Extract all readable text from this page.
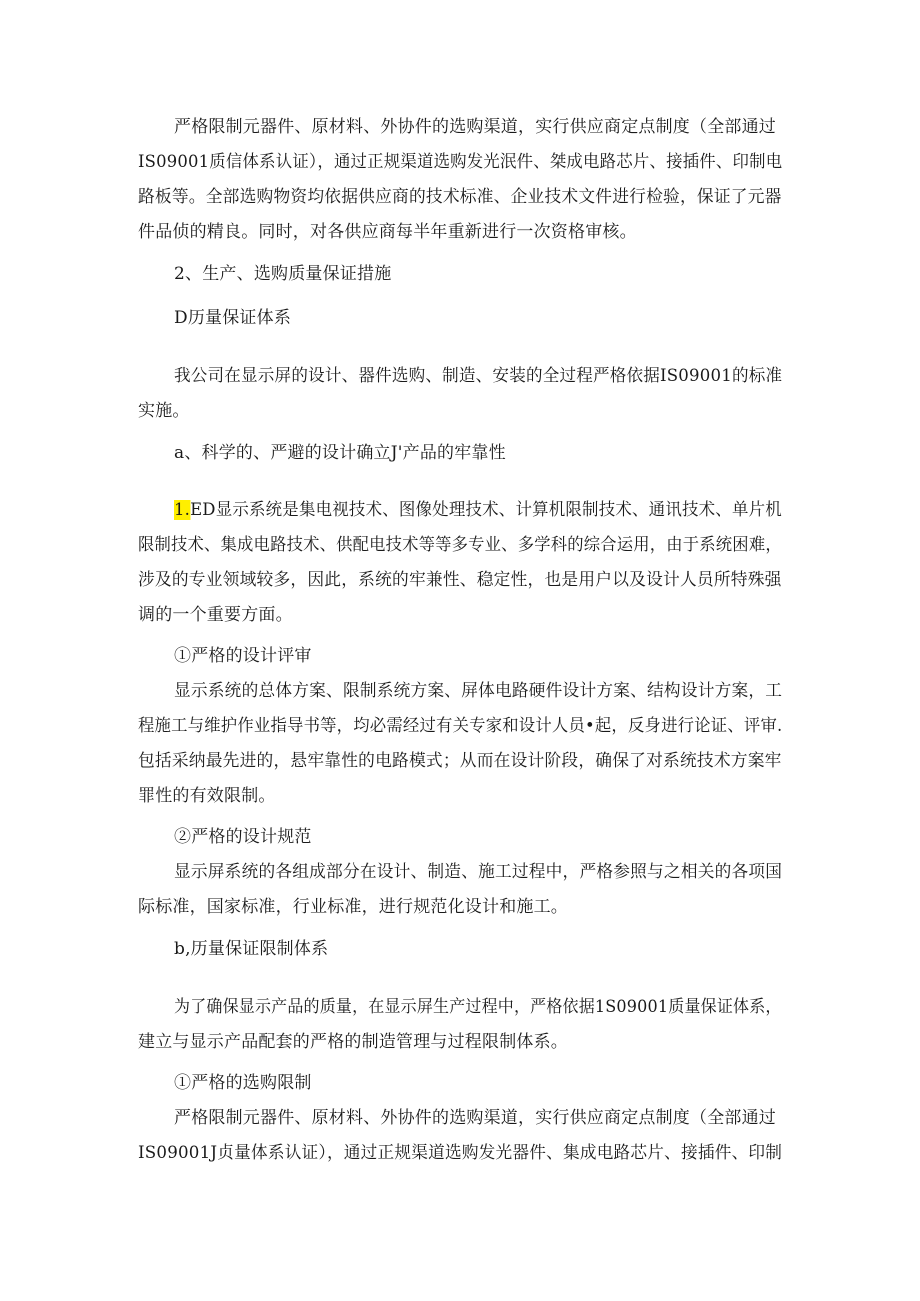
严格限制元器件、原材料、外协件的选购渠道，实行供应商定点制度（全部通过

IS09001质信体系认证），通过正规渠道选购发光泯件、桀成电路芯片、接插件、印制电

路板等。全部选购物资均依据供应商的技术标准、企业技术文件进行检验，保证了元器

件品侦的精良。同时，对各供应商每半年重新进行一次资格审核。

2、生产、选购质量保证措施

D历量保证体系

我公司在显示屏的设计、器件选购、制造、安装的全过程严格依据IS09001的标准

实施。

a、科学的、严避的设计确立J'产品的牢靠性

1.ED显示系统是集电视技术、图像处理技术、计算机限制技术、通讯技术、单片机

限制技术、集成电路技术、供配电技术等等多专业、多学科的综合运用，由于系统困难，

涉及的专业领域较多，因此，系统的牢兼性、稳定性，也是用户以及设计人员所特殊强

调的一个重要方面。

①严格的设计评审

显示系统的总体方案、限制系统方案、屏体电路硬件设计方案、结构设计方案，工

程施工与维护作业指导书等，均必需经过有关专家和设计人员•起，反身进行论证、评审.

包括采纳最先进的，悬牢靠性的电路模式；从而在设计阶段，确保了对系统技术方案牢

罪性的有效限制。

②严格的设计规范

显示屏系统的各组成部分在设计、制造、施工过程中，严格参照与之相关的各项国

际标准，国家标准，行业标准，进行规范化设计和施工。

b,历量保证限制体系

为了确保显示产品的质量，在显示屏生产过程中，严格依据1S09001质量保证体系，

建立与显示产品配套的严格的制造管理与过程限制体系。

①严格的选购限制

严格限制元器件、原材料、外协件的选购渠道，实行供应商定点制度（全部通过

IS09001J贞量体系认证），通过正规渠道选购发光器件、集成电路芯片、接插件、印制
